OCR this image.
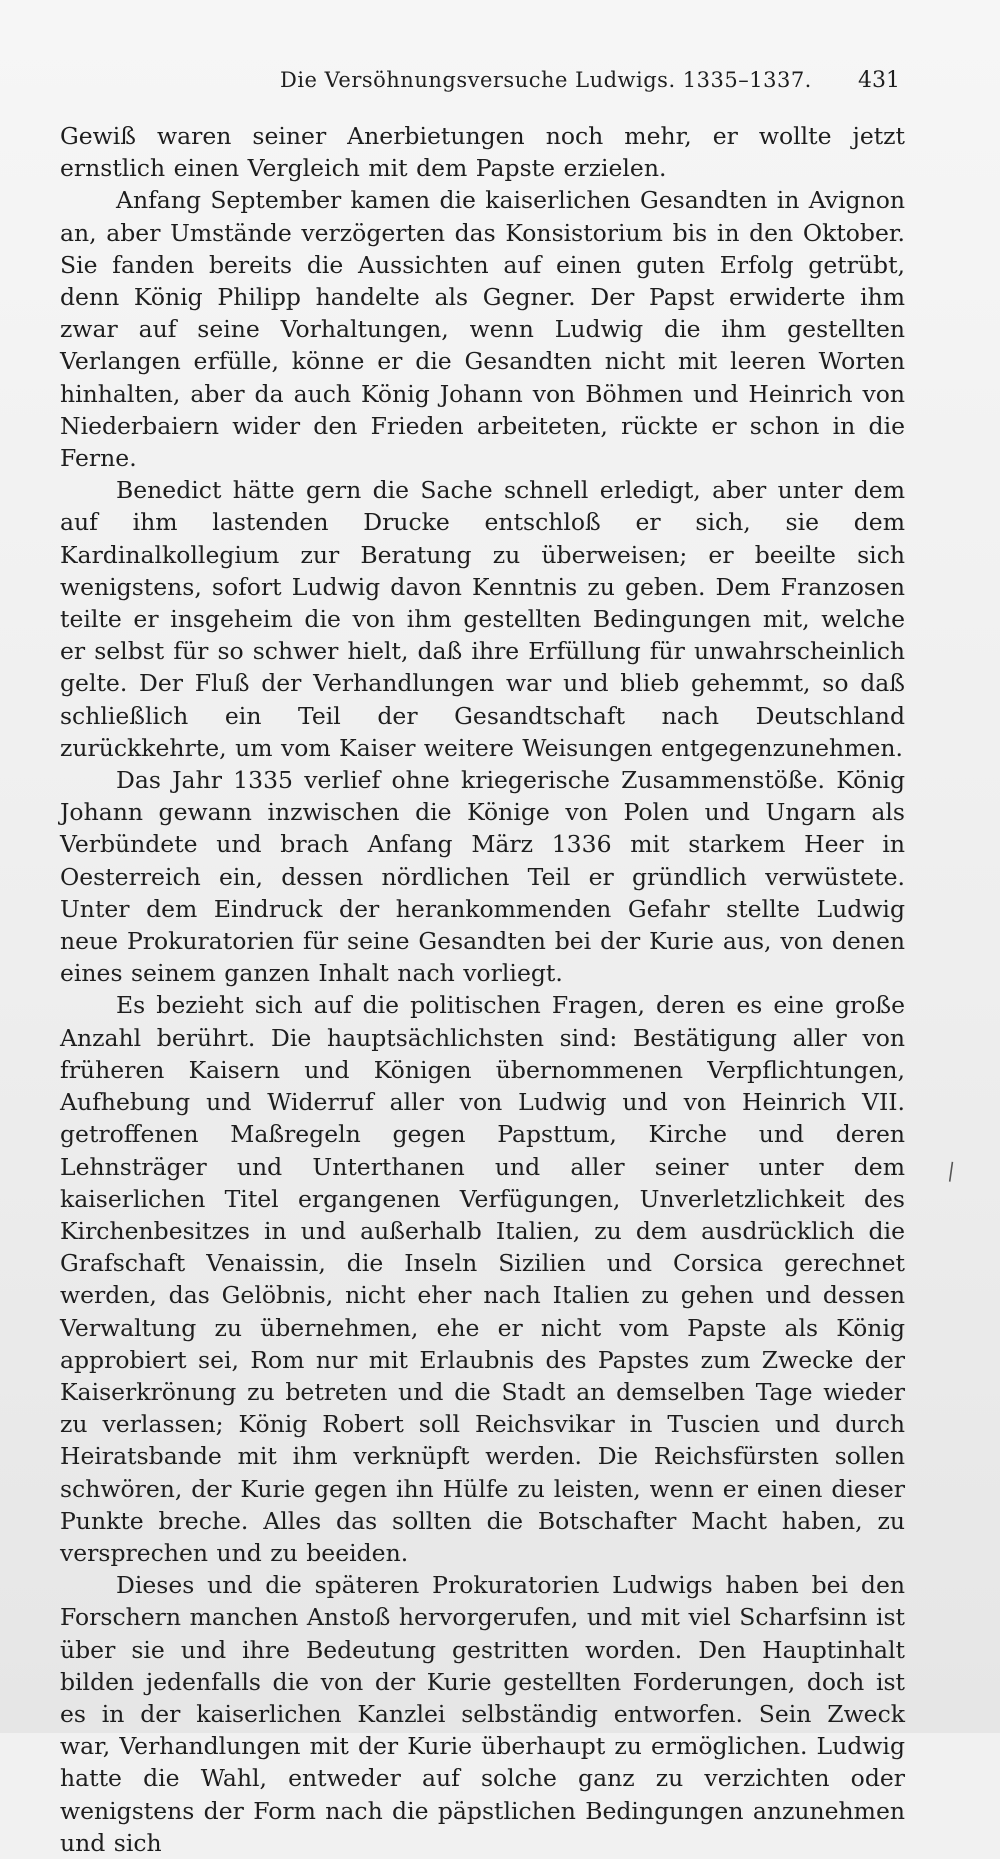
Die Versöhnungsversuche Ludwigs. 1335–1337. 431

Gewiß waren seiner Anerbietungen noch mehr, er wollte jetzt ernstlich einen Vergleich mit dem Papste erzielen.

Anfang September kamen die kaiserlichen Gesandten in Avignon an, aber Umstände verzögerten das Konsistorium bis in den Oktober. Sie fanden bereits die Aussichten auf einen guten Erfolg getrübt, denn König Philipp handelte als Gegner. Der Papst erwiderte ihm zwar auf seine Vorhaltungen, wenn Ludwig die ihm gestellten Verlangen erfülle, könne er die Gesandten nicht mit leeren Worten hinhalten, aber da auch König Johann von Böhmen und Heinrich von Niederbaiern wider den Frieden arbeiteten, rückte er schon in die Ferne.

Benedict hätte gern die Sache schnell erledigt, aber unter dem auf ihm lastenden Drucke entschloß er sich, sie dem Kardinalkollegium zur Beratung zu überweisen; er beeilte sich wenigstens, sofort Ludwig davon Kenntnis zu geben. Dem Franzosen teilte er insgeheim die von ihm gestellten Bedingungen mit, welche er selbst für so schwer hielt, daß ihre Erfüllung für unwahrscheinlich gelte. Der Fluß der Verhandlungen war und blieb gehemmt, so daß schließlich ein Teil der Gesandtschaft nach Deutschland zurückkehrte, um vom Kaiser weitere Weisungen entgegenzunehmen.

Das Jahr 1335 verlief ohne kriegerische Zusammenstöße. König Johann gewann inzwischen die Könige von Polen und Ungarn als Verbündete und brach Anfang März 1336 mit starkem Heer in Oesterreich ein, dessen nördlichen Teil er gründlich verwüstete. Unter dem Eindruck der herankommenden Gefahr stellte Ludwig neue Prokuratorien für seine Gesandten bei der Kurie aus, von denen eines seinem ganzen Inhalt nach vorliegt.

Es bezieht sich auf die politischen Fragen, deren es eine große Anzahl berührt. Die hauptsächlichsten sind: Bestätigung aller von früheren Kaisern und Königen übernommenen Verpflichtungen, Aufhebung und Widerruf aller von Ludwig und von Heinrich VII. getroffenen Maßregeln gegen Papsttum, Kirche und deren Lehnsträger und Unterthanen und aller seiner unter dem kaiserlichen Titel ergangenen Verfügungen, Unverletzlichkeit des Kirchenbesitzes in und außerhalb Italien, zu dem ausdrücklich die Grafschaft Venaissin, die Inseln Sizilien und Corsica gerechnet werden, das Gelöbnis, nicht eher nach Italien zu gehen und dessen Verwaltung zu übernehmen, ehe er nicht vom Papste als König approbiert sei, Rom nur mit Erlaubnis des Papstes zum Zwecke der Kaiserkrönung zu betreten und die Stadt an demselben Tage wieder zu verlassen; König Robert soll Reichsvikar in Tuscien und durch Heiratsbande mit ihm verknüpft werden. Die Reichsfürsten sollen schwören, der Kurie gegen ihn Hülfe zu leisten, wenn er einen dieser Punkte breche. Alles das sollten die Botschafter Macht haben, zu versprechen und zu beeiden.

Dieses und die späteren Prokuratorien Ludwigs haben bei den Forschern manchen Anstoß hervorgerufen, und mit viel Scharfsinn ist über sie und ihre Bedeutung gestritten worden. Den Hauptinhalt bilden jedenfalls die von der Kurie gestellten Forderungen, doch ist es in der kaiserlichen Kanzlei selbständig entworfen. Sein Zweck war, Verhandlungen mit der Kurie überhaupt zu ermöglichen. Ludwig hatte die Wahl, entweder auf solche ganz zu verzichten oder wenigstens der Form nach die päpstlichen Bedingungen anzunehmen und sich

|
